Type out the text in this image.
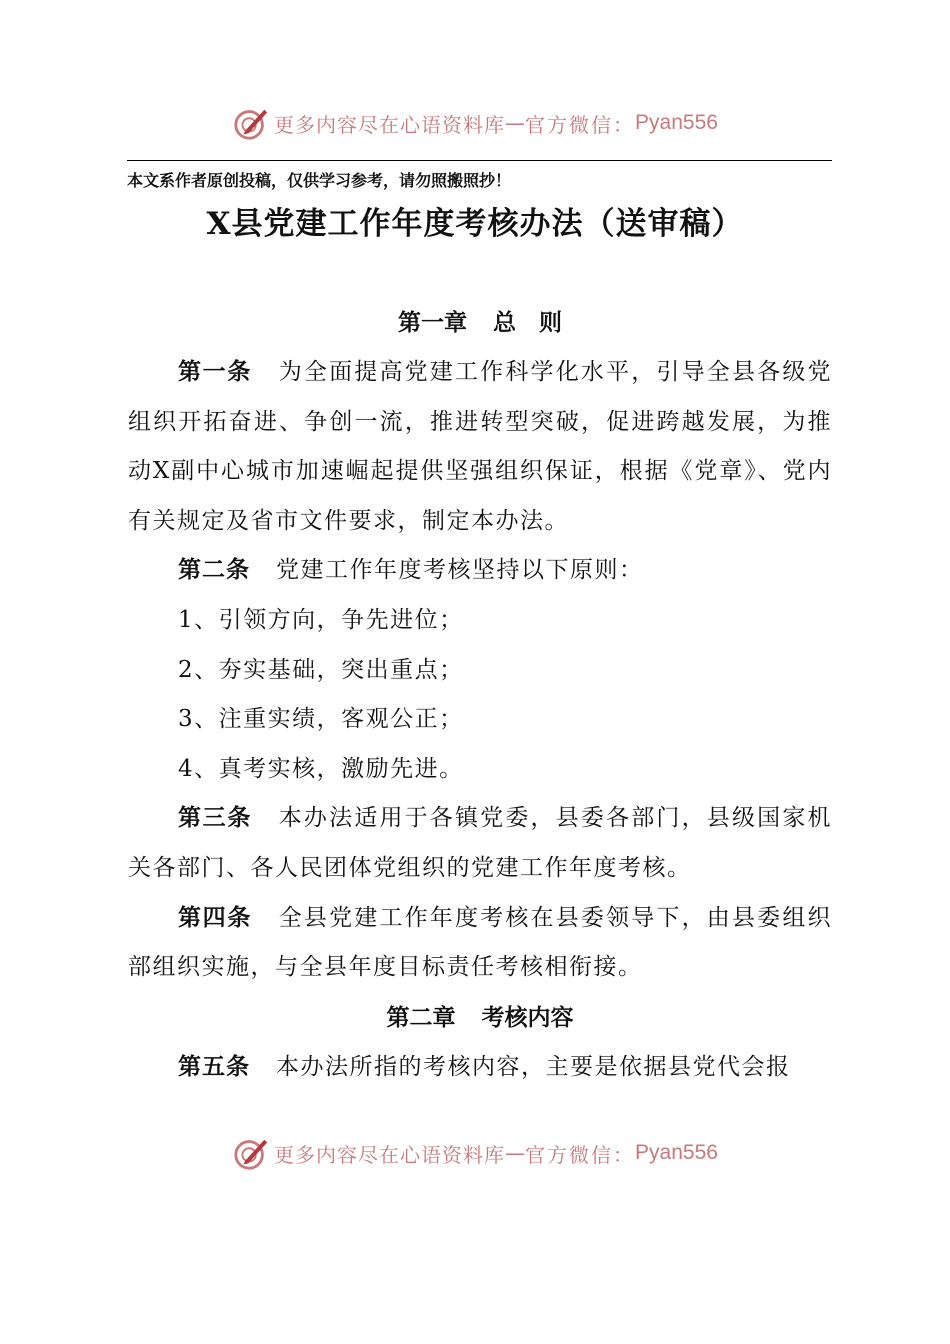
更多内容尽在心语资料库 — 官方微信： Pyan556
本文系作者原创投稿，仅供学习参考，请勿照搬照抄！
X县党建工作年度考核办法（送审稿）
第一章 总　则

第一条 为全面提高党建工作科学化水平，引导全县各级党组织开拓奋进、争创一流，推进转型突破，促进跨越发展，为推动X副中心城市加速崛起提供坚强组织保证，根据《党章》、党内有关规定及省市文件要求，制定本办法。

第二条 党建工作年度考核坚持以下原则：

1、引领方向，争先进位；
2、夯实基础，突出重点；
3、注重实绩，客观公正；
4、真考实核，激励先进。

第三条 本办法适用于各镇党委，县委各部门，县级国家机关各部门、各人民团体党组织的党建工作年度考核。

第四条 全县党建工作年度考核在县委领导下，由县委组织部组织实施，与全县年度目标责任考核相衔接。

第二章 考核内容

第五条 本办法所指的考核内容，主要是依据县党代会报

更多内容尽在心语资料库 — 官方微信： Pyan556
